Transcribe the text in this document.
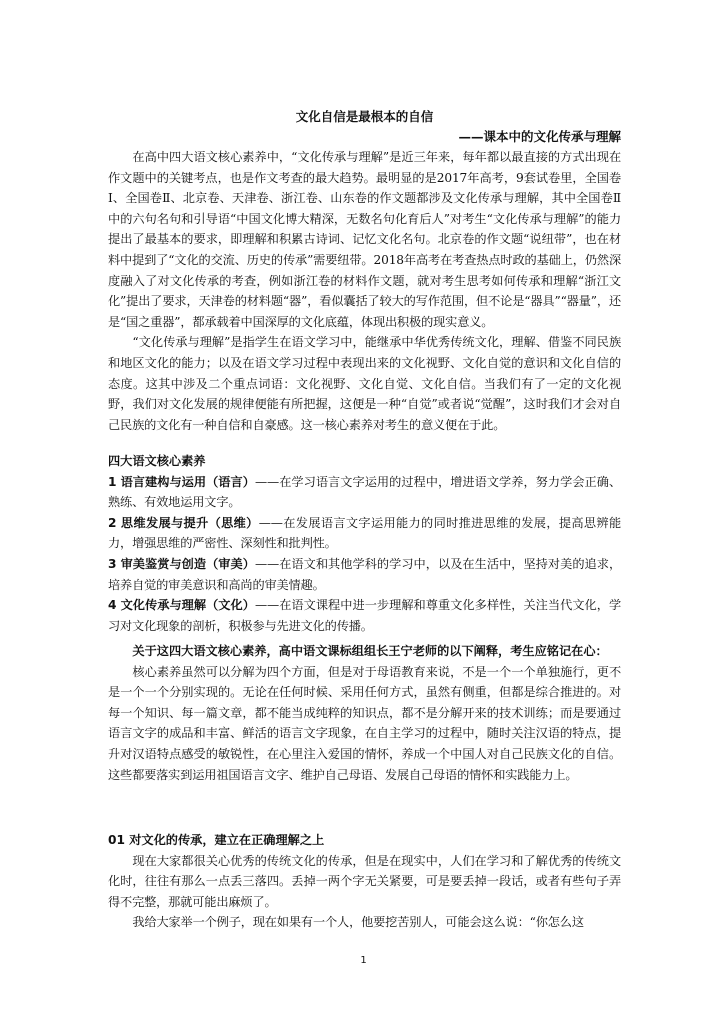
文化自信是最根本的自信
——课本中的文化传承与理解

在高中四大语文核心素养中，“文化传承与理解”是近三年来，每年都以最直接的方式出现在作文题中的关键考点，也是作文考查的最大趋势。最明显的是2017年高考，9套试卷里，全国卷Ⅰ、全国卷Ⅱ、北京卷、天津卷、浙江卷、山东卷的作文题都涉及文化传承与理解，其中全国卷Ⅱ中的六句名句和引导语“中国文化博大精深，无数名句化育后人”对考生“文化传承与理解”的能力提出了最基本的要求，即理解和积累古诗词、记忆文化名句。北京卷的作文题“说纽带”，也在材料中提到了“文化的交流、历史的传承”需要纽带。2018年高考在考查热点时政的基础上，仍然深度融入了对文化传承的考查，例如浙江卷的材料作文题，就对考生思考如何传承和理解“浙江文化”提出了要求，天津卷的材料题“器”，看似囊括了较大的写作范围，但不论是“器具”“器量”，还是“国之重器”，都承载着中国深厚的文化底蕴，体现出积极的现实意义。

“文化传承与理解”是指学生在语文学习中，能继承中华优秀传统文化，理解、借鉴不同民族和地区文化的能力；以及在语文学习过程中表现出来的文化视野、文化自觉的意识和文化自信的态度。这其中涉及二个重点词语：文化视野、文化自觉、文化自信。当我们有了一定的文化视野，我们对文化发展的规律便能有所把握，这便是一种“自觉”或者说“觉醒”，这时我们才会对自己民族的文化有一种自信和自豪感。这一核心素养对考生的意义便在于此。

四大语文核心素养

1 语言建构与运用（语言）——在学习语言文字运用的过程中，增进语文学养，努力学会正确、熟练、有效地运用文字。

2 思维发展与提升（思维）——在发展语言文字运用能力的同时推进思维的发展，提高思辨能力，增强思维的严密性、深刻性和批判性。

3 审美鉴赏与创造（审美）——在语文和其他学科的学习中，以及在生活中，坚持对美的追求，培养自觉的审美意识和高尚的审美情趣。

4 文化传承与理解（文化）——在语文课程中进一步理解和尊重文化多样性，关注当代文化，学习对文化现象的剖析，积极参与先进文化的传播。

关于这四大语文核心素养，高中语文课标组组长王宁老师的以下阐释，考生应铭记在心：

核心素养虽然可以分解为四个方面，但是对于母语教育来说，不是一个一个单独施行，更不是一个一个分别实现的。无论在任何时候、采用任何方式，虽然有侧重，但都是综合推进的。对每一个知识、每一篇文章，都不能当成纯粹的知识点，都不是分解开来的技术训练；而是要通过语言文字的成品和丰富、鲜活的语言文字现象，在自主学习的过程中，随时关注汉语的特点，提升对汉语特点感受的敏锐性，在心里注入爱国的情怀，养成一个中国人对自己民族文化的自信。这些都要落实到运用祖国语言文字、维护自己母语、发展自己母语的情怀和实践能力上。

01 对文化的传承，建立在正确理解之上

现在大家都很关心优秀的传统文化的传承，但是在现实中，人们在学习和了解优秀的传统文化时，往往有那么一点丢三落四。丢掉一两个字无关紧要，可是要丢掉一段话，或者有些句子弄得不完整，那就可能出麻烦了。

我给大家举一个例子，现在如果有一个人，他要挖苦别人，可能会这么说：“你怎么这

1
